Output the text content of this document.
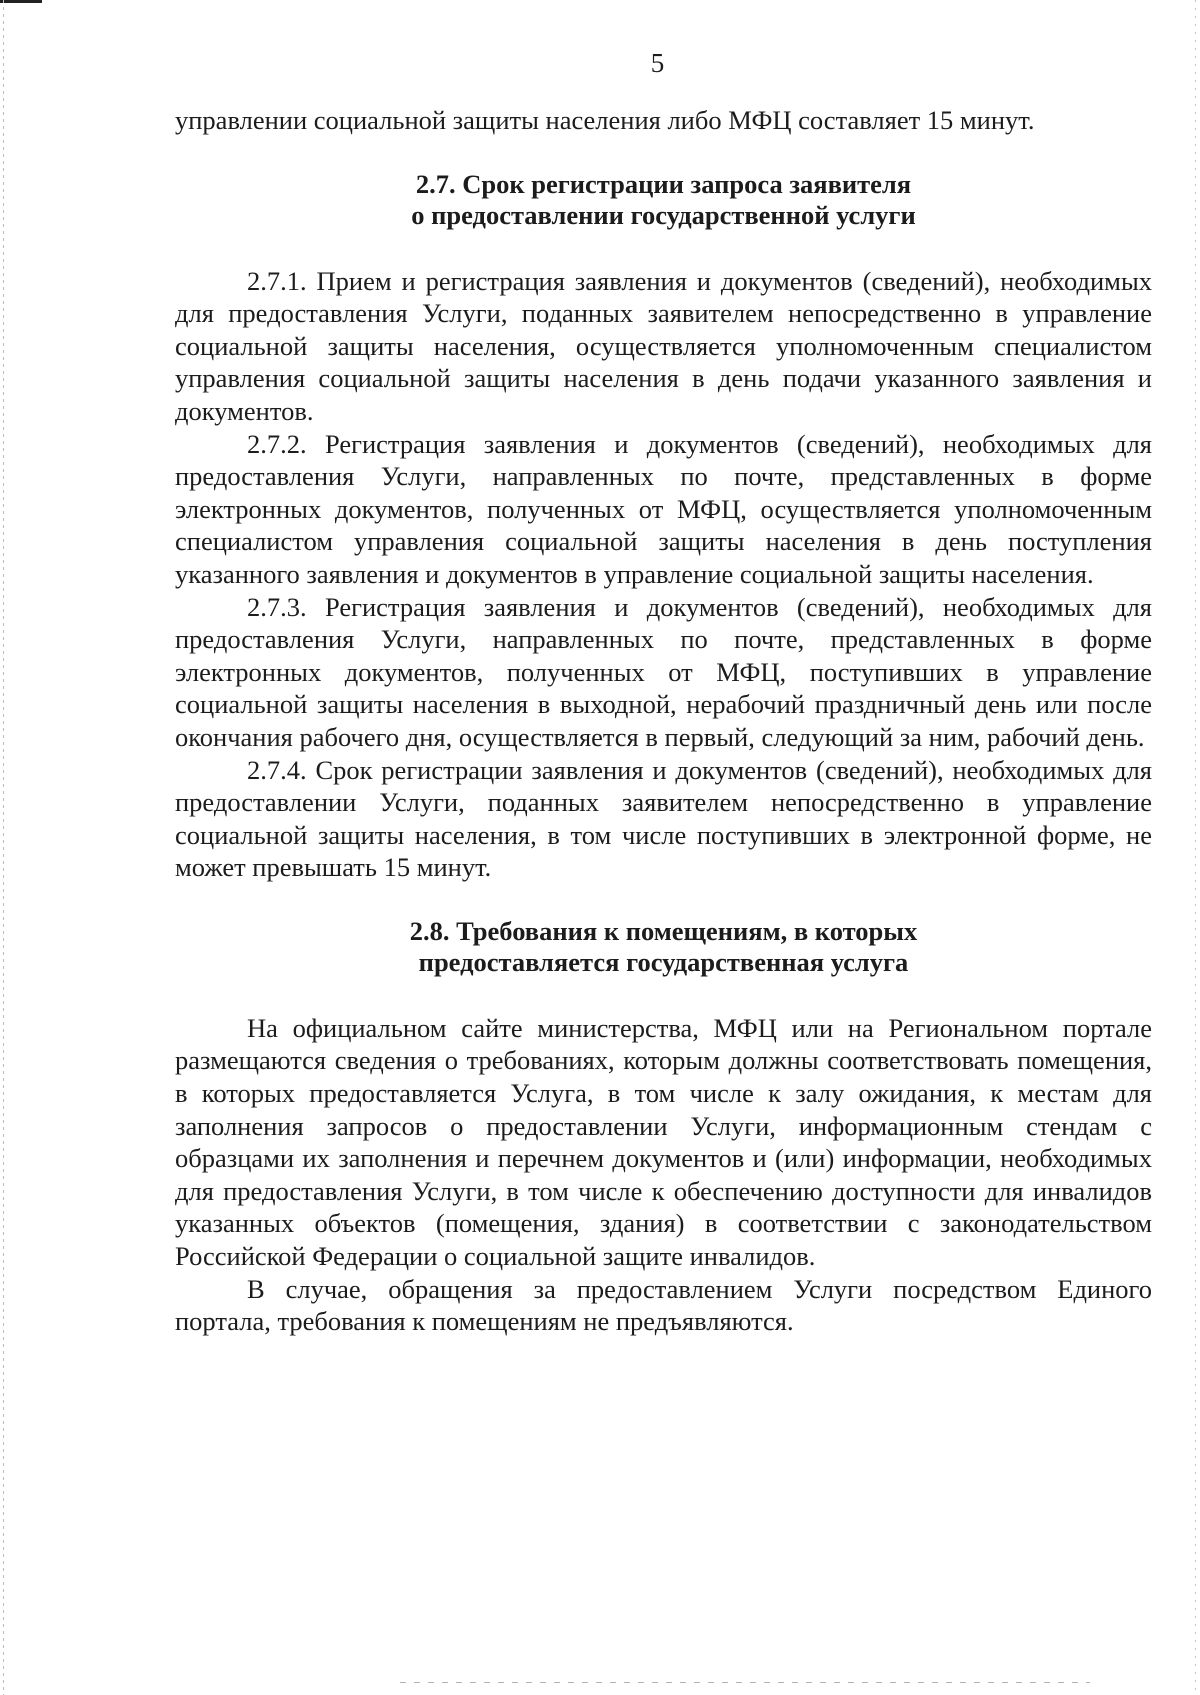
5

управлении социальной защиты населения либо МФЦ составляет 15 минут.

2.7. Срок регистрации запроса заявителя
о предоставлении государственной услуги

2.7.1. Прием и регистрация заявления и документов (сведений), необходимых для предоставления Услуги, поданных заявителем непосредственно в управление социальной защиты населения, осуществляется уполномоченным специалистом управления социальной защиты населения в день подачи указанного заявления и документов.

2.7.2. Регистрация заявления и документов (сведений), необходимых для предоставления Услуги, направленных по почте, представленных в форме электронных документов, полученных от МФЦ, осуществляется уполномоченным специалистом управления социальной защиты населения в день поступления указанного заявления и документов в управление социальной защиты населения.

2.7.3. Регистрация заявления и документов (сведений), необходимых для предоставления Услуги, направленных по почте, представленных в форме электронных документов, полученных от МФЦ, поступивших в управление социальной защиты населения в выходной, нерабочий праздничный день или после окончания рабочего дня, осуществляется в первый, следующий за ним, рабочий день.

2.7.4. Срок регистрации заявления и документов (сведений), необходимых для предоставлении Услуги, поданных заявителем непосредственно в управление социальной защиты населения, в том числе поступивших в электронной форме, не может превышать 15 минут.

2.8. Требования к помещениям, в которых
предоставляется государственная услуга

На официальном сайте министерства, МФЦ или на Региональном портале размещаются сведения о требованиях, которым должны соответствовать помещения, в которых предоставляется Услуга, в том числе к залу ожидания, к местам для заполнения запросов о предоставлении Услуги, информационным стендам с образцами их заполнения и перечнем документов и (или) информации, необходимых для предоставления Услуги, в том числе к обеспечению доступности для инвалидов указанных объектов (помещения, здания) в соответствии с законодательством Российской Федерации о социальной защите инвалидов.

В случае, обращения за предоставлением Услуги посредством Единого портала, требования к помещениям не предъявляются.
